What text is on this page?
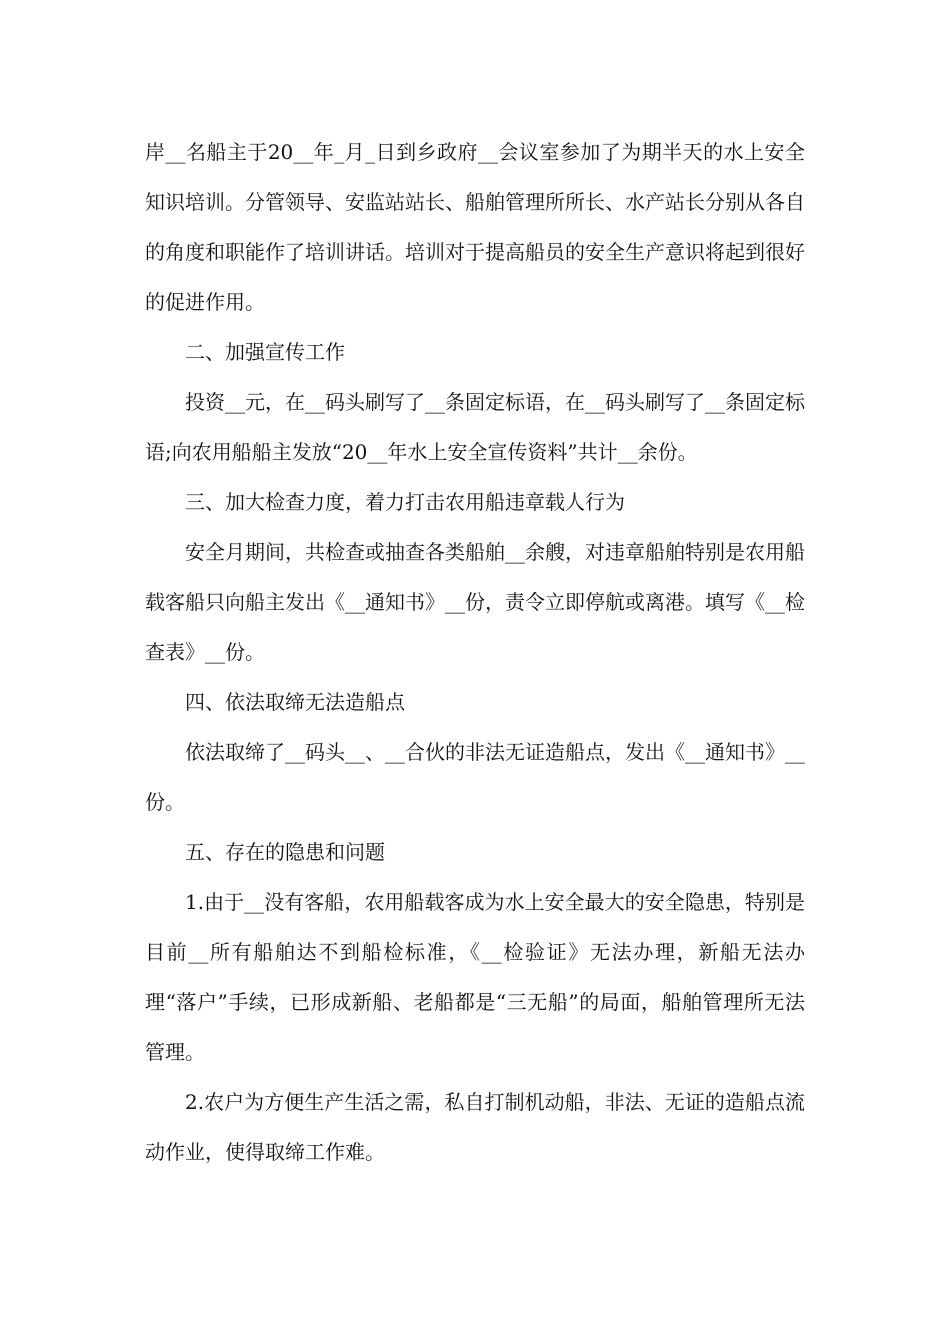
岸__名船主于20__年_月_日到乡政府__会议室参加了为期半天的水上安全知识培训。分管领导、安监站站长、船舶管理所所长、水产站长分别从各自的角度和职能作了培训讲话。培训对于提高船员的安全生产意识将起到很好的促进作用。

二、加强宣传工作

投资__元，在__码头刷写了__条固定标语，在__码头刷写了__条固定标语;向农用船船主发放“20__年水上安全宣传资料”共计__余份。

三、加大检查力度，着力打击农用船违章载人行为

安全月期间，共检查或抽查各类船舶__余艘，对违章船舶特别是农用船载客船只向船主发出《__通知书》__份，责令立即停航或离港。填写《__检查表》__份。

四、依法取缔无法造船点

依法取缔了__码头__、__合伙的非法无证造船点，发出《__通知书》__份。

五、存在的隐患和问题

1.由于__没有客船，农用船载客成为水上安全最大的安全隐患，特别是目前__所有船舶达不到船检标准，《__检验证》无法办理，新船无法办理“落户”手续，已形成新船、老船都是“三无船”的局面，船舶管理所无法管理。

2.农户为方便生产生活之需，私自打制机动船，非法、无证的造船点流动作业，使得取缔工作难。
